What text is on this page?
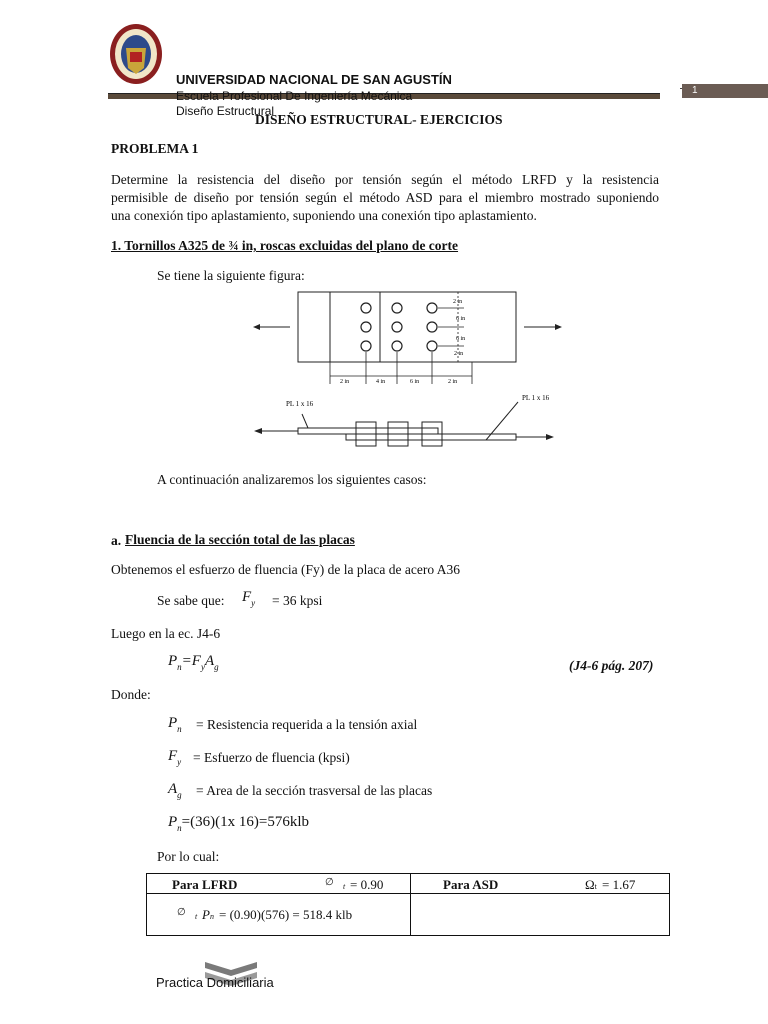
UNIVERSIDAD NACIONAL DE SAN AGUSTÍN
1
Escuela Profesional De Ingeniería Mecánica
Diseño Estructural
DISEÑO ESTRUCTURAL- EJERCICIOS
PROBLEMA 1
Determine la resistencia del diseño por tensión según el método LRFD y la resistencia
permisible de diseño por tensión según el método ASD para el miembro mostrado suponiendo
una conexión tipo aplastamiento, suponiendo una conexión tipo aplastamiento.
1. Tornillos A325 de ¾ in, roscas excluidas del plano de corte
Se tiene la siguiente figura:
2 in
6 in
6 in
2 in
2 in	4 in	6 in	2 in
PL 1 x 16
PL 1 x 16
A continuación analizaremos los siguientes casos:
a. Fluencia de la sección total de las placas
Obtenemos el esfuerzo de fluencia (Fy) de la placa de acero A36
Se sabe que: $F_y = 36$ kpsi
Luego en la ec. J4-6
$P_n=F_yA_g$	(J4-6 pág. 207)
Donde:
$P_n$ = Resistencia requerida a la tensión axial
$F_y$ = Esfuerzo de fluencia (kpsi)
$A_g$ = Area de la sección trasversal de las placas
$P_n=(36)(1x$ 16)=576klb
Por lo cual:
Para LFRD ∅ t = 0.90	Para ASD Ωt = 1.67

∅ t Pn = (0.90)(576) = 518.4 klb	

Practica Domiciliaria
